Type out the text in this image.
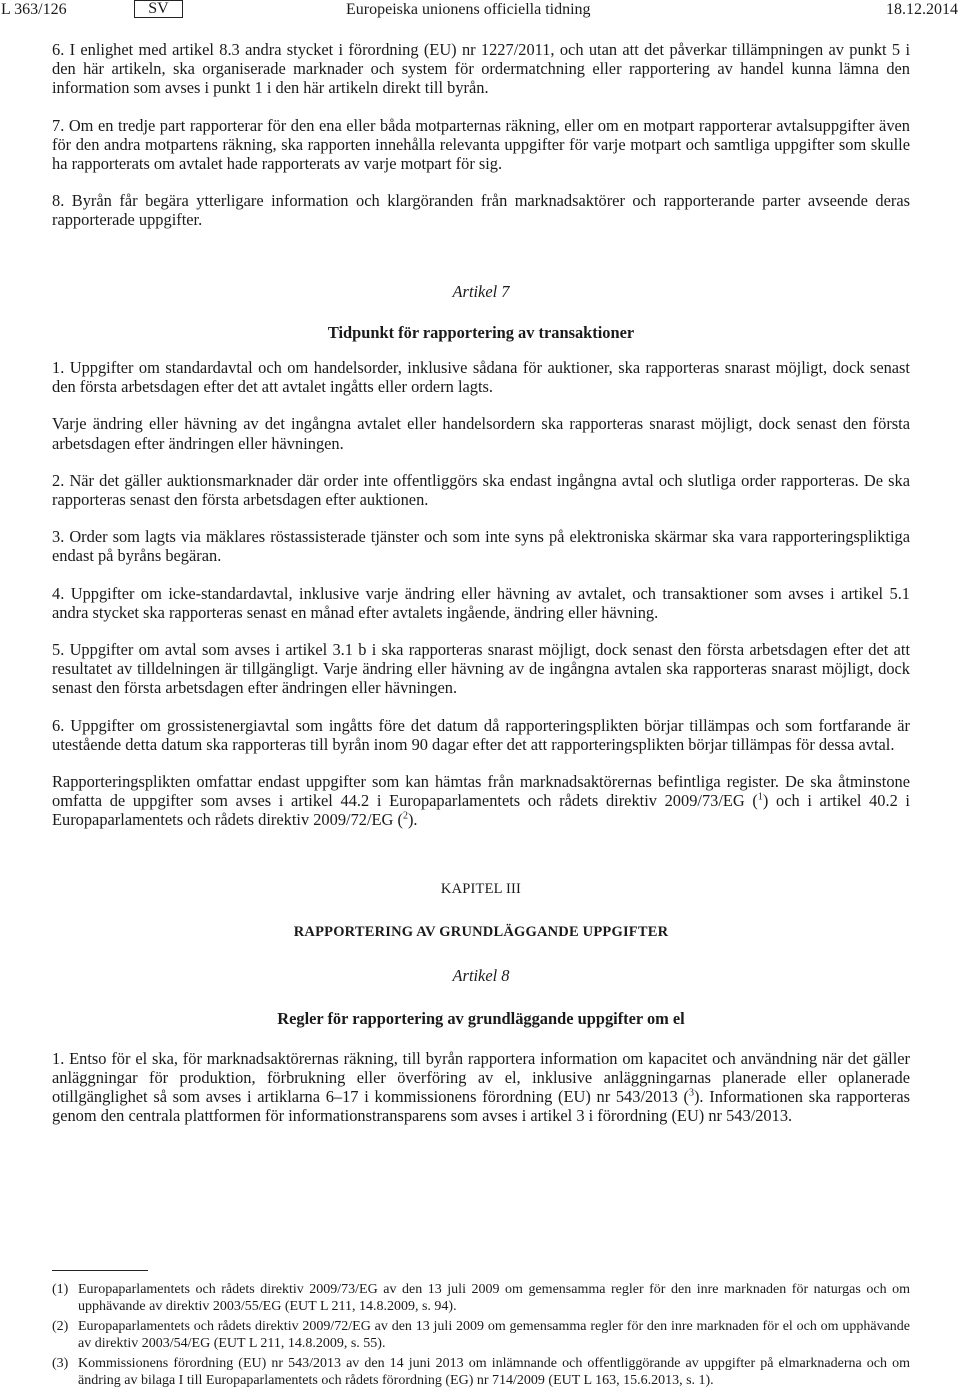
L 363/126	SV	Europeiska unionens officiella tidning	18.12.2014

6. I enlighet med artikel 8.3 andra stycket i förordning (EU) nr 1227/2011, och utan att det påverkar tillämpningen av punkt 5 i den här artikeln, ska organiserade marknader och system för ordermatchning eller rapportering av handel kunna lämna den information som avses i punkt 1 i den här artikeln direkt till byrån.

7. Om en tredje part rapporterar för den ena eller båda motparternas räkning, eller om en motpart rapporterar avtalsuppgifter även för den andra motpartens räkning, ska rapporten innehålla relevanta uppgifter för varje motpart och samtliga uppgifter som skulle ha rapporterats om avtalet hade rapporterats av varje motpart för sig.

8. Byrån får begära ytterligare information och klargöranden från marknadsaktörer och rapporterande parter avseende deras rapporterade uppgifter.

Artikel 7

Tidpunkt för rapportering av transaktioner

1. Uppgifter om standardavtal och om handelsorder, inklusive sådana för auktioner, ska rapporteras snarast möjligt, dock senast den första arbetsdagen efter det att avtalet ingåtts eller ordern lagts.

Varje ändring eller hävning av det ingångna avtalet eller handelsordern ska rapporteras snarast möjligt, dock senast den första arbetsdagen efter ändringen eller hävningen.

2. När det gäller auktionsmarknader där order inte offentliggörs ska endast ingångna avtal och slutliga order rapporteras. De ska rapporteras senast den första arbetsdagen efter auktionen.

3. Order som lagts via mäklares röstassisterade tjänster och som inte syns på elektroniska skärmar ska vara rapporteringspliktiga endast på byråns begäran.

4. Uppgifter om icke-standardavtal, inklusive varje ändring eller hävning av avtalet, och transaktioner som avses i artikel 5.1 andra stycket ska rapporteras senast en månad efter avtalets ingående, ändring eller hävning.

5. Uppgifter om avtal som avses i artikel 3.1 b i ska rapporteras snarast möjligt, dock senast den första arbetsdagen efter det att resultatet av tilldelningen är tillgängligt. Varje ändring eller hävning av de ingångna avtalen ska rapporteras snarast möjligt, dock senast den första arbetsdagen efter ändringen eller hävningen.

6. Uppgifter om grossistenergiavtal som ingåtts före det datum då rapporteringsplikten börjar tillämpas och som fortfarande är utestående detta datum ska rapporteras till byrån inom 90 dagar efter det att rapporteringsplikten börjar tillämpas för dessa avtal.

Rapporteringsplikten omfattar endast uppgifter som kan hämtas från marknadsaktörernas befintliga register. De ska åtminstone omfatta de uppgifter som avses i artikel 44.2 i Europaparlamentets och rådets direktiv 2009/73/EG ($^1$) och i artikel 40.2 i Europaparlamentets och rådets direktiv 2009/72/EG ($^2$).

KAPITEL III

RAPPORTERING AV GRUNDLÄGGANDE UPPGIFTER

Artikel 8

Regler för rapportering av grundläggande uppgifter om el

1. Entso för el ska, för marknadsaktörernas räkning, till byrån rapportera information om kapacitet och användning när det gäller anläggningar för produktion, förbrukning eller överföring av el, inklusive anläggningarnas planerade eller oplanerade otillgänglighet så som avses i artiklarna 6–17 i kommissionens förordning (EU) nr 543/2013 ($^3$). Informationen ska rapporteras genom den centrala plattformen för informationstransparens som avses i artikel 3 i förordning (EU) nr 543/2013.

(1) Europaparlamentets och rådets direktiv 2009/73/EG av den 13 juli 2009 om gemensamma regler för den inre marknaden för naturgas och om upphävande av direktiv 2003/55/EG (EUT L 211, 14.8.2009, s. 94).
(2) Europaparlamentets och rådets direktiv 2009/72/EG av den 13 juli 2009 om gemensamma regler för den inre marknaden för el och om upphävande av direktiv 2003/54/EG (EUT L 211, 14.8.2009, s. 55).
(3) Kommissionens förordning (EU) nr 543/2013 av den 14 juni 2013 om inlämnande och offentliggörande av uppgifter på elmarknaderna och om ändring av bilaga I till Europaparlamentets och rådets förordning (EG) nr 714/2009 (EUT L 163, 15.6.2013, s. 1).
